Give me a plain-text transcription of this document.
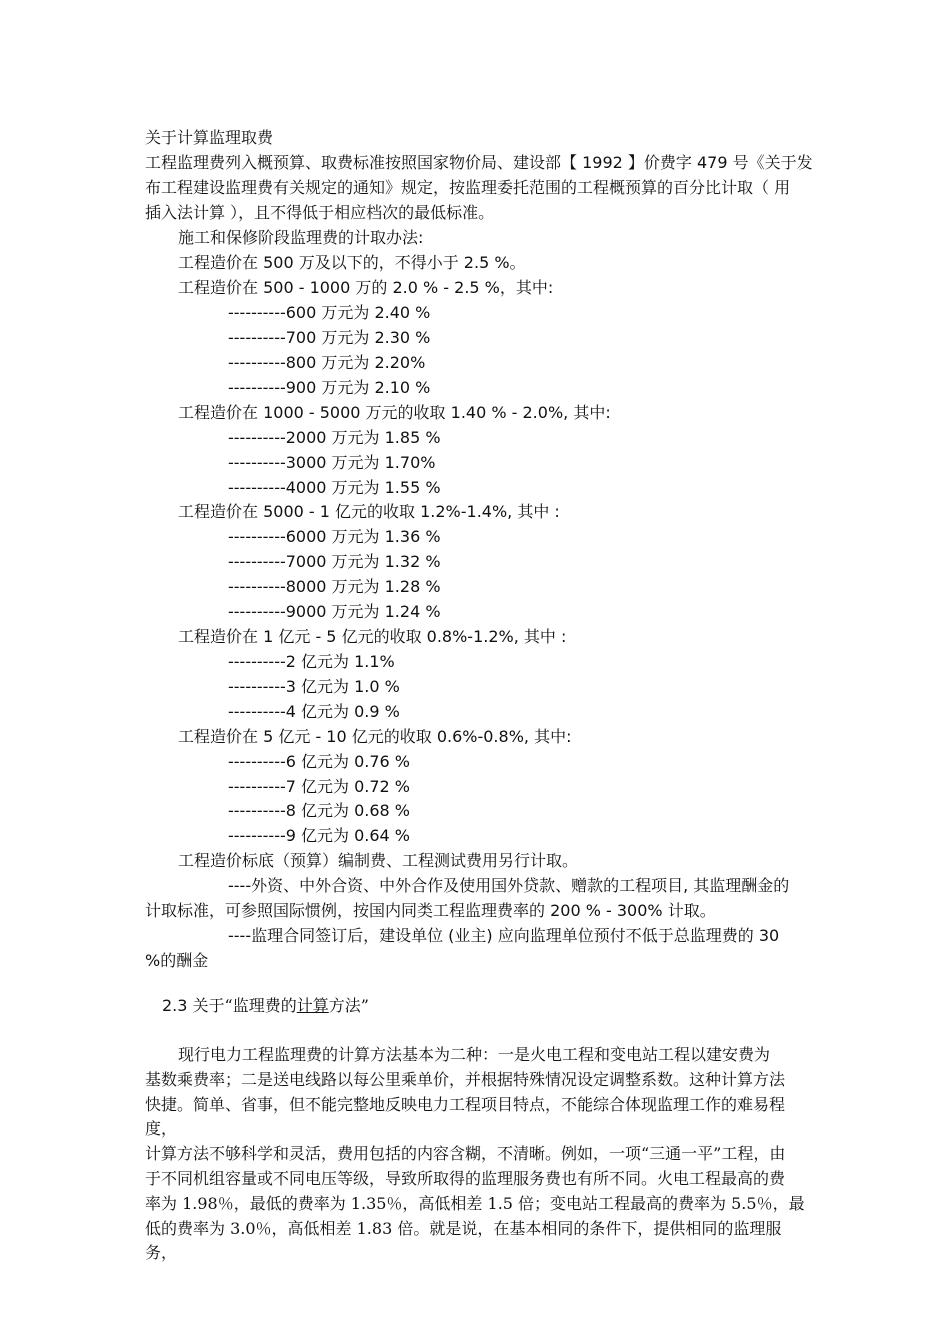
关于计算监理取费
工程监理费列入概预算、取费标准按照国家物价局、建设部【 1992 】价费字 479 号《关于发
布工程建设监理费有关规定的通知》规定，按监理委托范围的工程概预算的百分比计取（ 用
插入法计算 ），且不得低于相应档次的最低标准。
施工和保修阶段监理费的计取办法:
工程造价在 500 万及以下的，不得小于 2.5 %。
工程造价在 500 - 1000 万的 2.0 % - 2.5 %，其中:
----------600 万元为 2.40 %
----------700 万元为 2.30 %
----------800 万元为 2.20%
----------900 万元为 2.10 %
工程造价在 1000 - 5000 万元的收取 1.40 % - 2.0%, 其中:
----------2000 万元为 1.85 %
----------3000 万元为 1.70%
----------4000 万元为 1.55 %
工程造价在 5000 - 1 亿元的收取 1.2%-1.4%, 其中 :
----------6000 万元为 1.36 %
----------7000 万元为 1.32 %
----------8000 万元为 1.28 %
----------9000 万元为 1.24 %
工程造价在 1 亿元 - 5 亿元的收取 0.8%-1.2%, 其中 :
----------2 亿元为 1.1%
----------3 亿元为 1.0 %
----------4 亿元为 0.9 %
工程造价在 5 亿元 - 10 亿元的收取 0.6%-0.8%, 其中:
----------6 亿元为 0.76 %
----------7 亿元为 0.72 %
----------8 亿元为 0.68 %
----------9 亿元为 0.64 %
工程造价标底（预算）编制费、工程测试费用另行计取。
----外资、中外合资、中外合作及使用国外贷款、赠款的工程项目, 其监理酬金的
计取标准，可参照国际惯例，按国内同类工程监理费率的 200 % - 300% 计取。
----监理合同签订后，建设单位 (业主) 应向监理单位预付不低于总监理费的 30
%的酬金
2.3 关于“监理费的计算方法”
现行电力工程监理费的计算方法基本为二种：一是火电工程和变电站工程以建安费为
基数乘费率；二是送电线路以每公里乘单价，并根据特殊情况设定调整系数。这种计算方法
快捷。简单、省事，但不能完整地反映电力工程项目特点，不能综合体现监理工作的难易程度，
计算方法不够科学和灵活，费用包括的内容含糊，不清晰。例如，一项“三通一平”工程，由
于不同机组容量或不同电压等级，导致所取得的监理服务费也有所不同。火电工程最高的费
率为 1.98％，最低的费率为 1.35％，高低相差 1.5 倍；变电站工程最高的费率为 5.5％，最
低的费率为 3.0％，高低相差 1.83 倍。就是说，在基本相同的条件下，提供相同的监理服务，
